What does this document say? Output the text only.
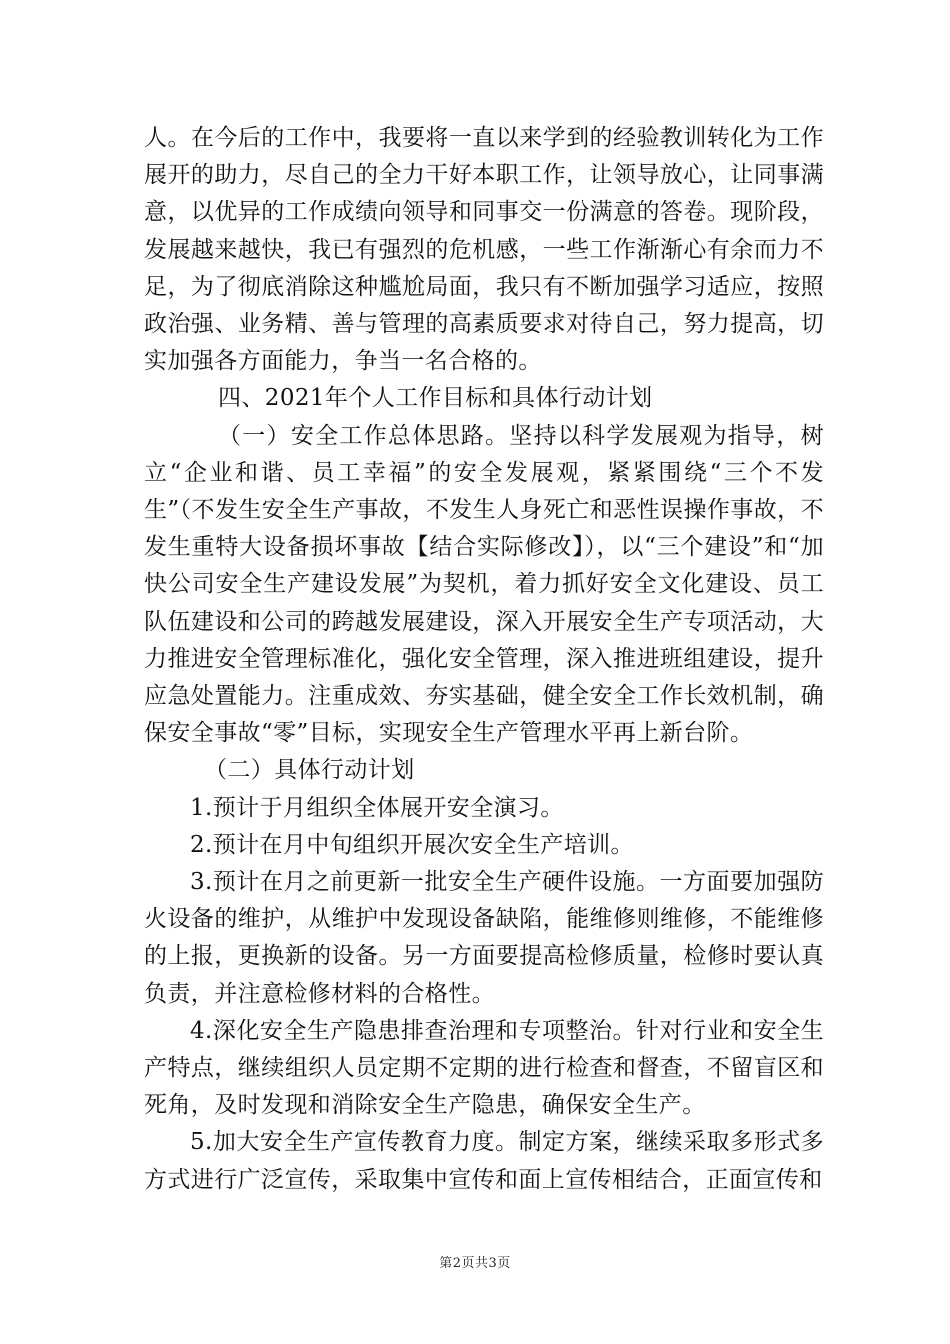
人。在今后的工作中，我要将一直以来学到的经验教训转化为工作展开的助力，尽自己的全力干好本职工作，让领导放心，让同事满意，以优异的工作成绩向领导和同事交一份满意的答卷。现阶段，发展越来越快，我已有强烈的危机感，一些工作渐渐心有余而力不足，为了彻底消除这种尴尬局面，我只有不断加强学习适应，按照政治强、业务精、善与管理的高素质要求对待自己，努力提高，切实加强各方面能力，争当一名合格的。

四、2021年个人工作目标和具体行动计划

（一）安全工作总体思路。坚持以科学发展观为指导，树立“企业和谐、员工幸福”的安全发展观，紧紧围绕“三个不发生”（不发生安全生产事故，不发生人身死亡和恶性误操作事故，不发生重特大设备损坏事故【结合实际修改】），以“三个建设”和“加快公司安全生产建设发展”为契机，着力抓好安全文化建设、员工队伍建设和公司的跨越发展建设，深入开展安全生产专项活动，大力推进安全管理标准化，强化安全管理，深入推进班组建设，提升应急处置能力。注重成效、夯实基础，健全安全工作长效机制，确保安全事故“零”目标，实现安全生产管理水平再上新台阶。

（二）具体行动计划

1.预计于月组织全体展开安全演习。

2.预计在月中旬组织开展次安全生产培训。

3.预计在月之前更新一批安全生产硬件设施。一方面要加强防火设备的维护，从维护中发现设备缺陷，能维修则维修，不能维修的上报，更换新的设备。另一方面要提高检修质量，检修时要认真负责，并注意检修材料的合格性。

4.深化安全生产隐患排查治理和专项整治。针对行业和安全生产特点，继续组织人员定期不定期的进行检查和督查，不留盲区和死角，及时发现和消除安全生产隐患，确保安全生产。

5.加大安全生产宣传教育力度。制定方案，继续采取多形式多方式进行广泛宣传，采取集中宣传和面上宣传相结合，正面宣传和

第2页共3页
